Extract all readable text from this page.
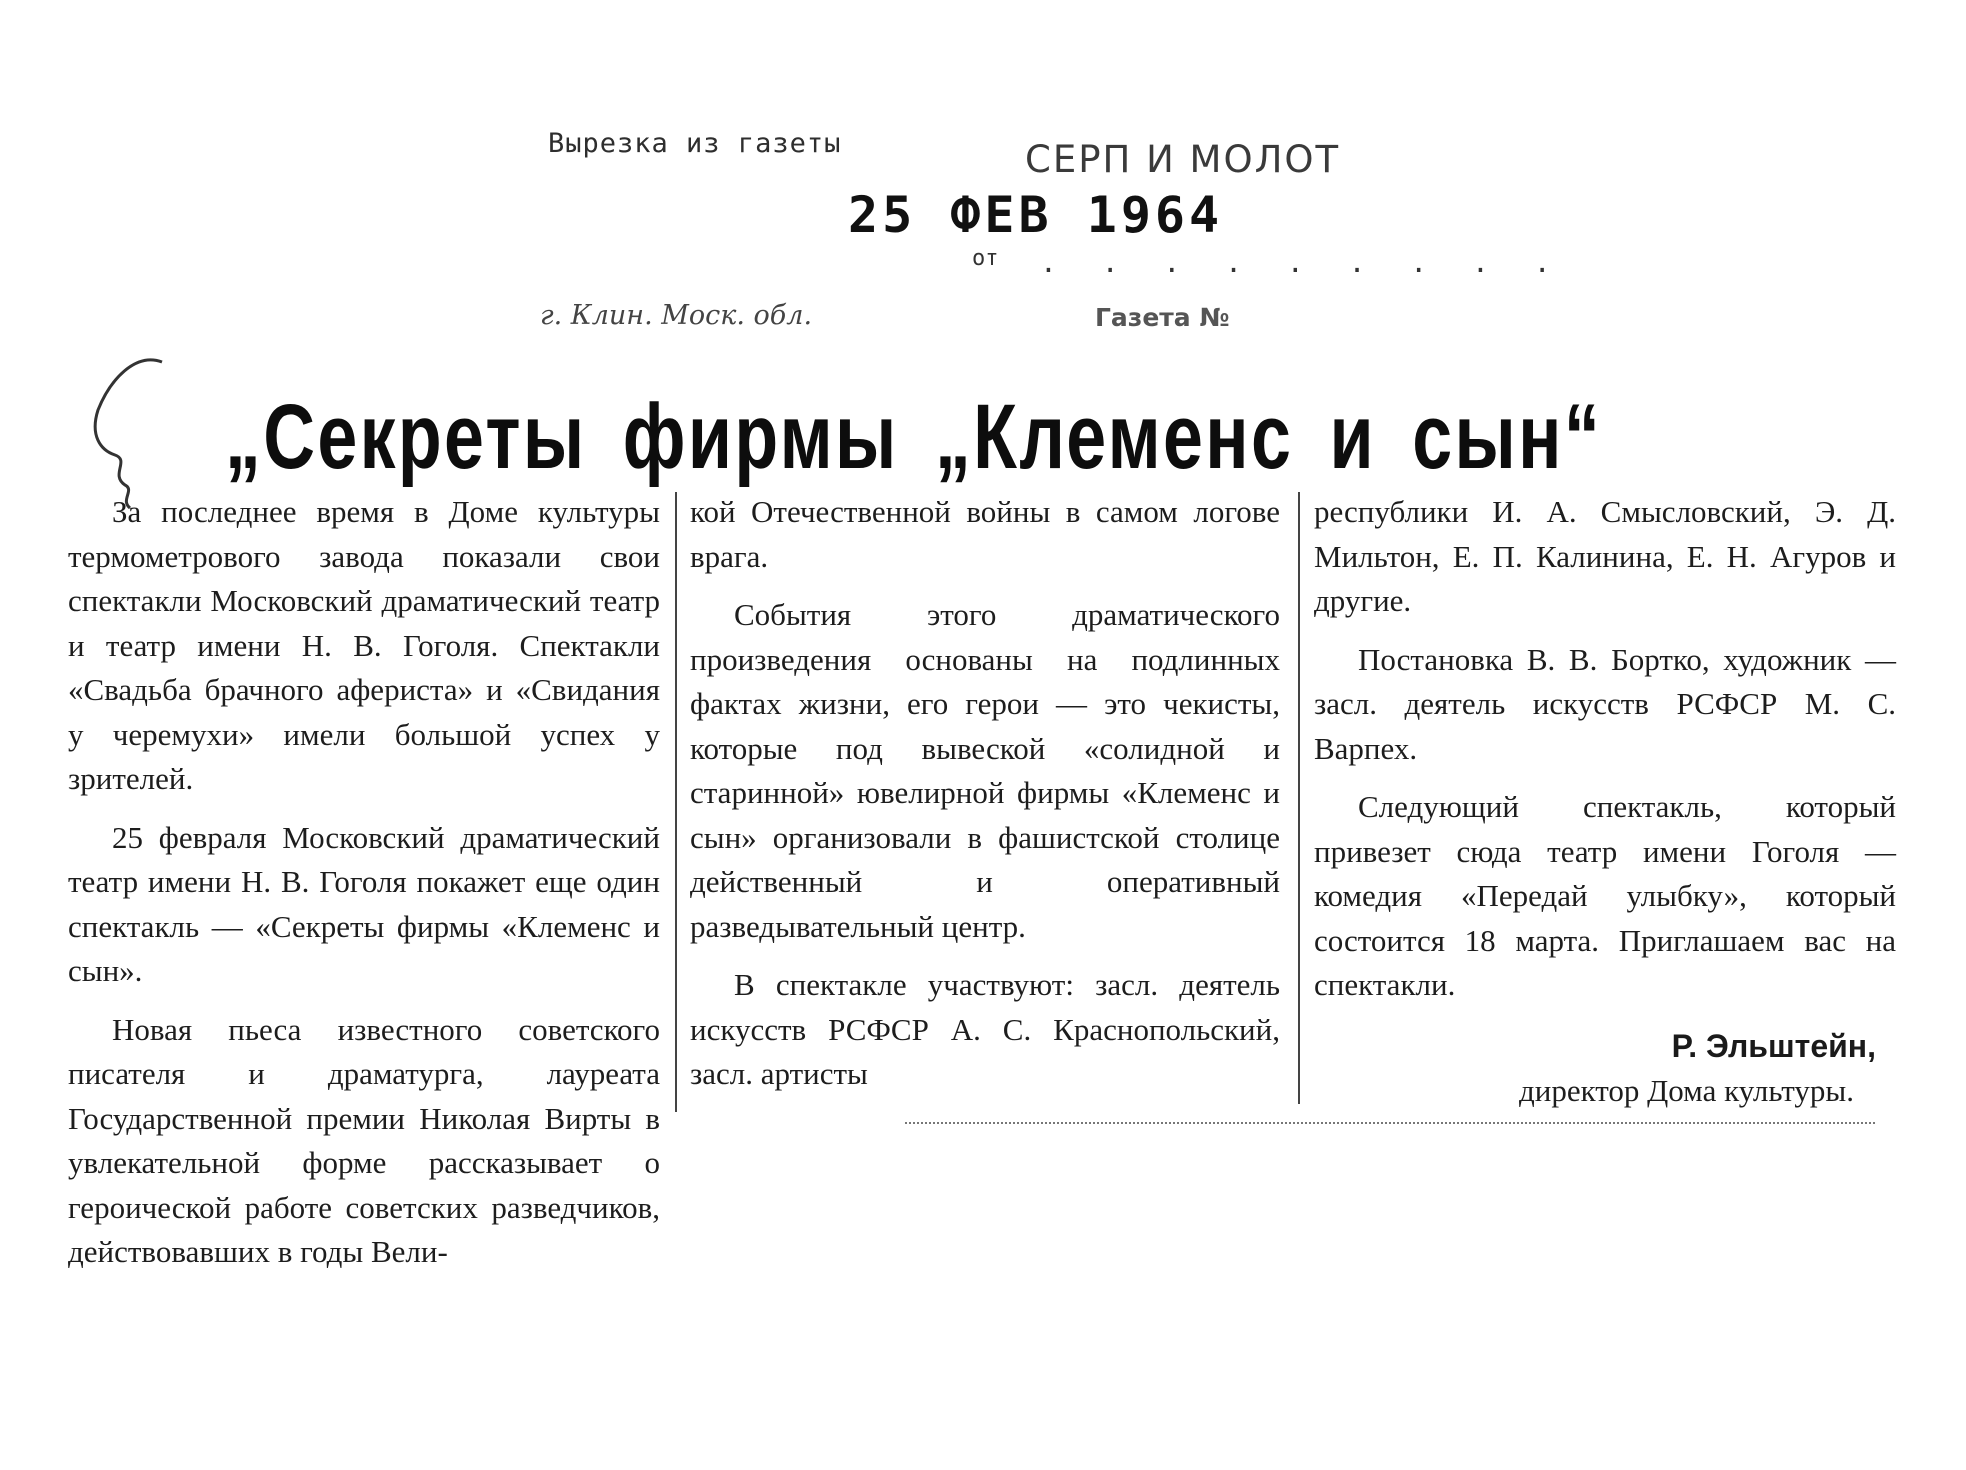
Вырезка из газеты	СЕРП И МОЛОТ
25 ФЕВ 1964
от . . . . . . . . .
г. Клин. Моск. обл.	Газета №
„Секреты фирмы „Клеменс и сын“

За последнее время в Доме культуры термометрового завода показали свои спектакли Московский драматический театр и театр имени Н. В. Гоголя. Спектакли «Свадьба брачного афериста» и «Свидания у черемухи» имели большой успех у зрителей.

25 февраля Московский драматический театр имени Н. В. Гоголя покажет еще один спектакль — «Секреты фирмы «Клеменс и сын».

Новая пьеса известного советского писателя и драматурга, лауреата Государственной премии Николая Вирты в увлекательной форме рассказывает о героической работе советских разведчиков, действовавших в годы Вели-

кой Отечественной войны в самом логове врага.

События этого драматического произведения основаны на подлинных фактах жизни, его герои — это чекисты, которые под вывеской «солидной и старинной» ювелирной фирмы «Клеменс и сын» организовали в фашистской столице действенный и оперативный разведывательный центр.

В спектакле участвуют: засл. деятель искусств РСФСР А. С. Краснопольский, засл. артисты

республики И. А. Смысловский, Э. Д. Мильтон, Е. П. Калинина, Е. Н. Агуров и другие.

Постановка В. В. Бортко, художник — засл. деятель искусств РСФСР М. С. Варпех.

Следующий спектакль, который привезет сюда театр имени Гоголя —комедия «Передай улыбку», который состоится 18 марта. Приглашаем вас на спектакли.

Р. Эльштейн,
директор Дома культуры.
